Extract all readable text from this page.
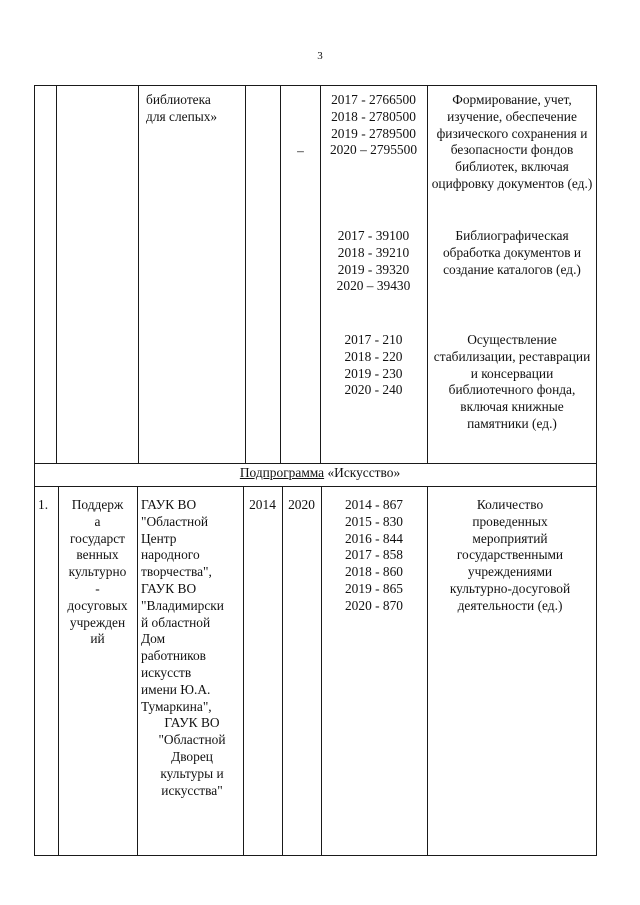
3
библиотека
для слепых»
–
2017 - 2766500
2018 - 2780500
2019 - 2789500
2020 – 2795500
Формирование, учет, изучение, обеспечение физического сохранения и безопасности фондов библиотек, включая оцифровку документов (ед.)
2017 - 39100
2018 - 39210
2019 - 39320
2020 – 39430
Библиографическая обработка документов и создание каталогов (ед.)
2017 - 210
2018 - 220
2019 - 230
2020 - 240
Осуществление стабилизации, реставрации и консервации библиотечного фонда, включая книжные памятники (ед.)
Подпрограмма «Искусство»
1.	Поддерж
а
государст
венных
культурно
-
досуговых
учрежден
ий
ГАУК ВО
"Областной
Центр
народного
творчества",
ГАУК ВО
"Владимирски
й областной
Дом
работников
искусств
имени Ю.А.
Тумаркина",
ГАУК ВО
"Областной
Дворец
культуры и
искусства"
2014 2020	2014 - 867
2015 - 830
2016 - 844
2017 - 858
2018 - 860
2019 - 865
2020 - 870
Количество проведенных мероприятий государственными учреждениями культурно-досуговой деятельности (ед.)
